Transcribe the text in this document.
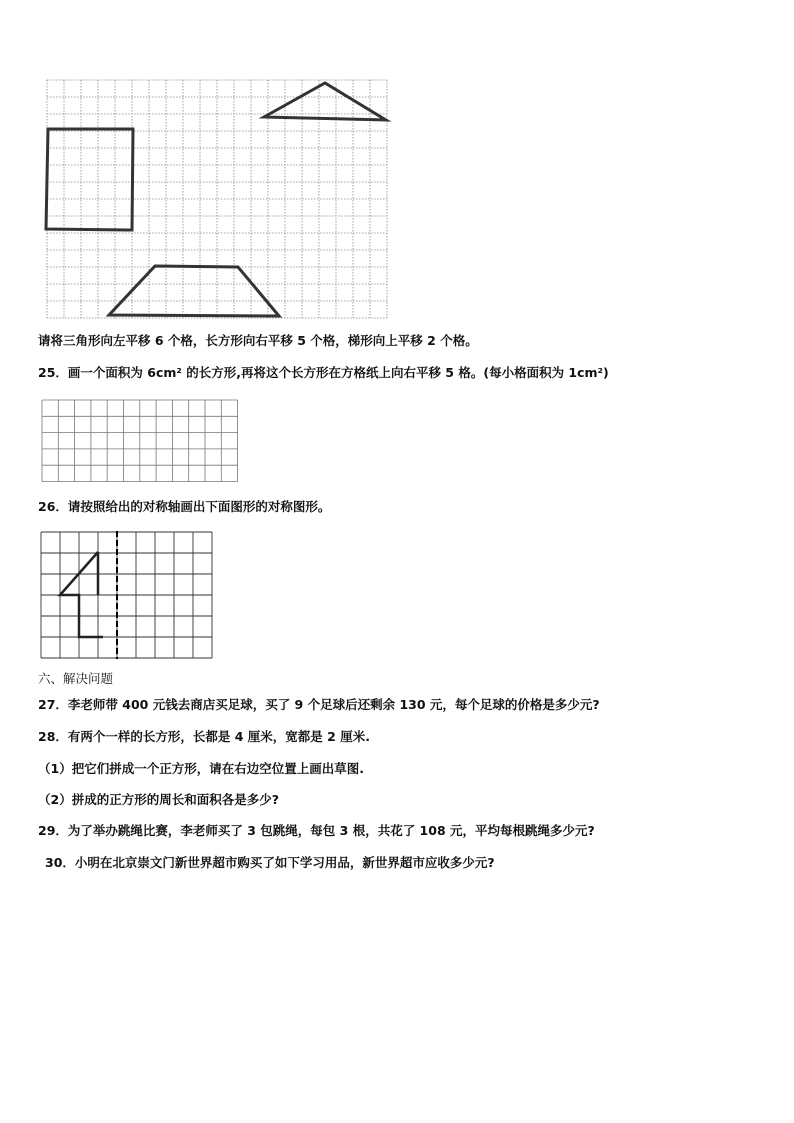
请将三角形向左平移 6 个格，长方形向右平移 5 个格，梯形向上平移 2 个格。
25．画一个面积为 6cm² 的长方形,再将这个长方形在方格纸上向右平移 5 格。(每小格面积为 1cm²)
26．请按照给出的对称轴画出下面图形的对称图形。
六、解决问题
27．李老师带 400 元钱去商店买足球，买了 9 个足球后还剩余 130 元，每个足球的价格是多少元?
28．有两个一样的长方形，长都是 4 厘米，宽都是 2 厘米.
（1）把它们拼成一个正方形，请在右边空位置上画出草图.
（2）拼成的正方形的周长和面积各是多少?
29．为了举办跳绳比赛，李老师买了 3 包跳绳，每包 3 根，共花了 108 元，平均每根跳绳多少元?
30．小明在北京崇文门新世界超市购买了如下学习用品，新世界超市应收多少元?
